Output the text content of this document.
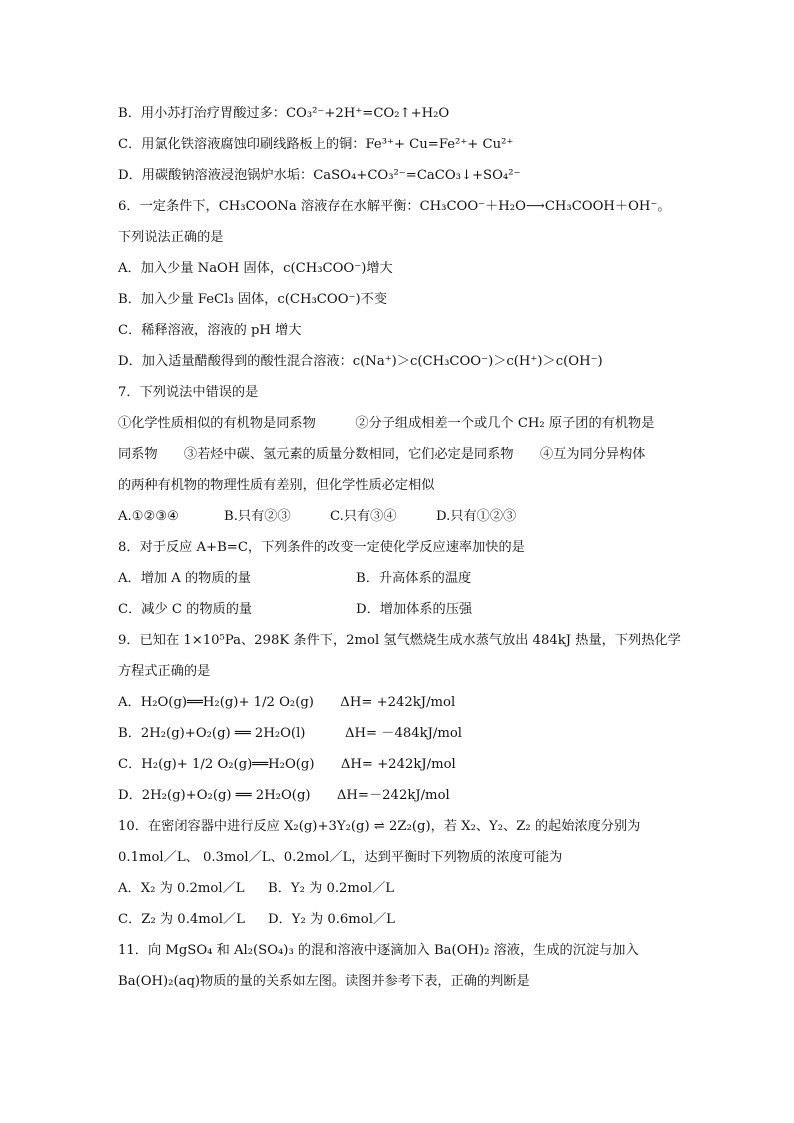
B．用小苏打治疗胃酸过多：CO₃²⁻+2H⁺=CO₂↑+H₂O
C．用氯化铁溶液腐蚀印刷线路板上的铜：Fe³⁺+ Cu=Fe²⁺+ Cu²⁺
D．用碳酸钠溶液浸泡锅炉水垢：CaSO₄+CO₃²⁻=CaCO₃↓+SO₄²⁻
6．一定条件下，CH₃COONa 溶液存在水解平衡：CH₃COO⁻＋H₂O⟶CH₃COOH＋OH⁻。
下列说法正确的是
A．加入少量 NaOH 固体，c(CH₃COO⁻)增大
B．加入少量 FeCl₃ 固体，c(CH₃COO⁻)不变
C．稀释溶液，溶液的 pH 增大
D．加入适量醋酸得到的酸性混合溶液：c(Na⁺)＞c(CH₃COO⁻)＞c(H⁺)＞c(OH⁻)
7．下列说法中错误的是
①化学性质相似的有机物是同系物　　　②分子组成相差一个或几个 CH₂ 原子团的有机物是
同系物　　③若烃中碳、氢元素的质量分数相同，它们必定是同系物　　④互为同分异构体
的两种有机物的物理性质有差别，但化学性质必定相似
A.①②③④	B.只有②③	C.只有③④	D.只有①②③
8．对于反应 A+B=C，下列条件的改变一定使化学反应速率加快的是
A．增加 A 的物质的量	B．升高体系的温度
C．减少 C 的物质的量	D．增加体系的压强
9．已知在 1×10⁵Pa、298K 条件下，2mol 氢气燃烧生成水蒸气放出 484kJ 热量，下列热化学
方程式正确的是
A．H₂O(g)══H₂(g)+ 1/2 O₂(g)　　ΔH= +242kJ/mol
B．2H₂(g)+O₂(g) ══ 2H₂O(l)　　　ΔH= －484kJ/mol
C．H₂(g)+ 1/2 O₂(g)══H₂O(g)　　ΔH= +242kJ/mol
D．2H₂(g)+O₂(g) ══ 2H₂O(g)　　ΔH=－242kJ/mol
10．在密闭容器中进行反应 X₂(g)+3Y₂(g) ⇌ 2Z₂(g)，若 X₂、Y₂、Z₂ 的起始浓度分别为
0.1mol／L、 0.3mol／L、0.2mol／L，达到平衡时下列物质的浓度可能为
A．X₂ 为 0.2mol／L B．Y₂ 为 0.2mol／L
C．Z₂ 为 0.4mol／L D．Y₂ 为 0.6mol／L
11．向 MgSO₄ 和 Al₂(SO₄)₃ 的混和溶液中逐滴加入 Ba(OH)₂ 溶液，生成的沉淀与加入
Ba(OH)₂(aq)物质的量的关系如左图。读图并参考下表，正确的判断是
